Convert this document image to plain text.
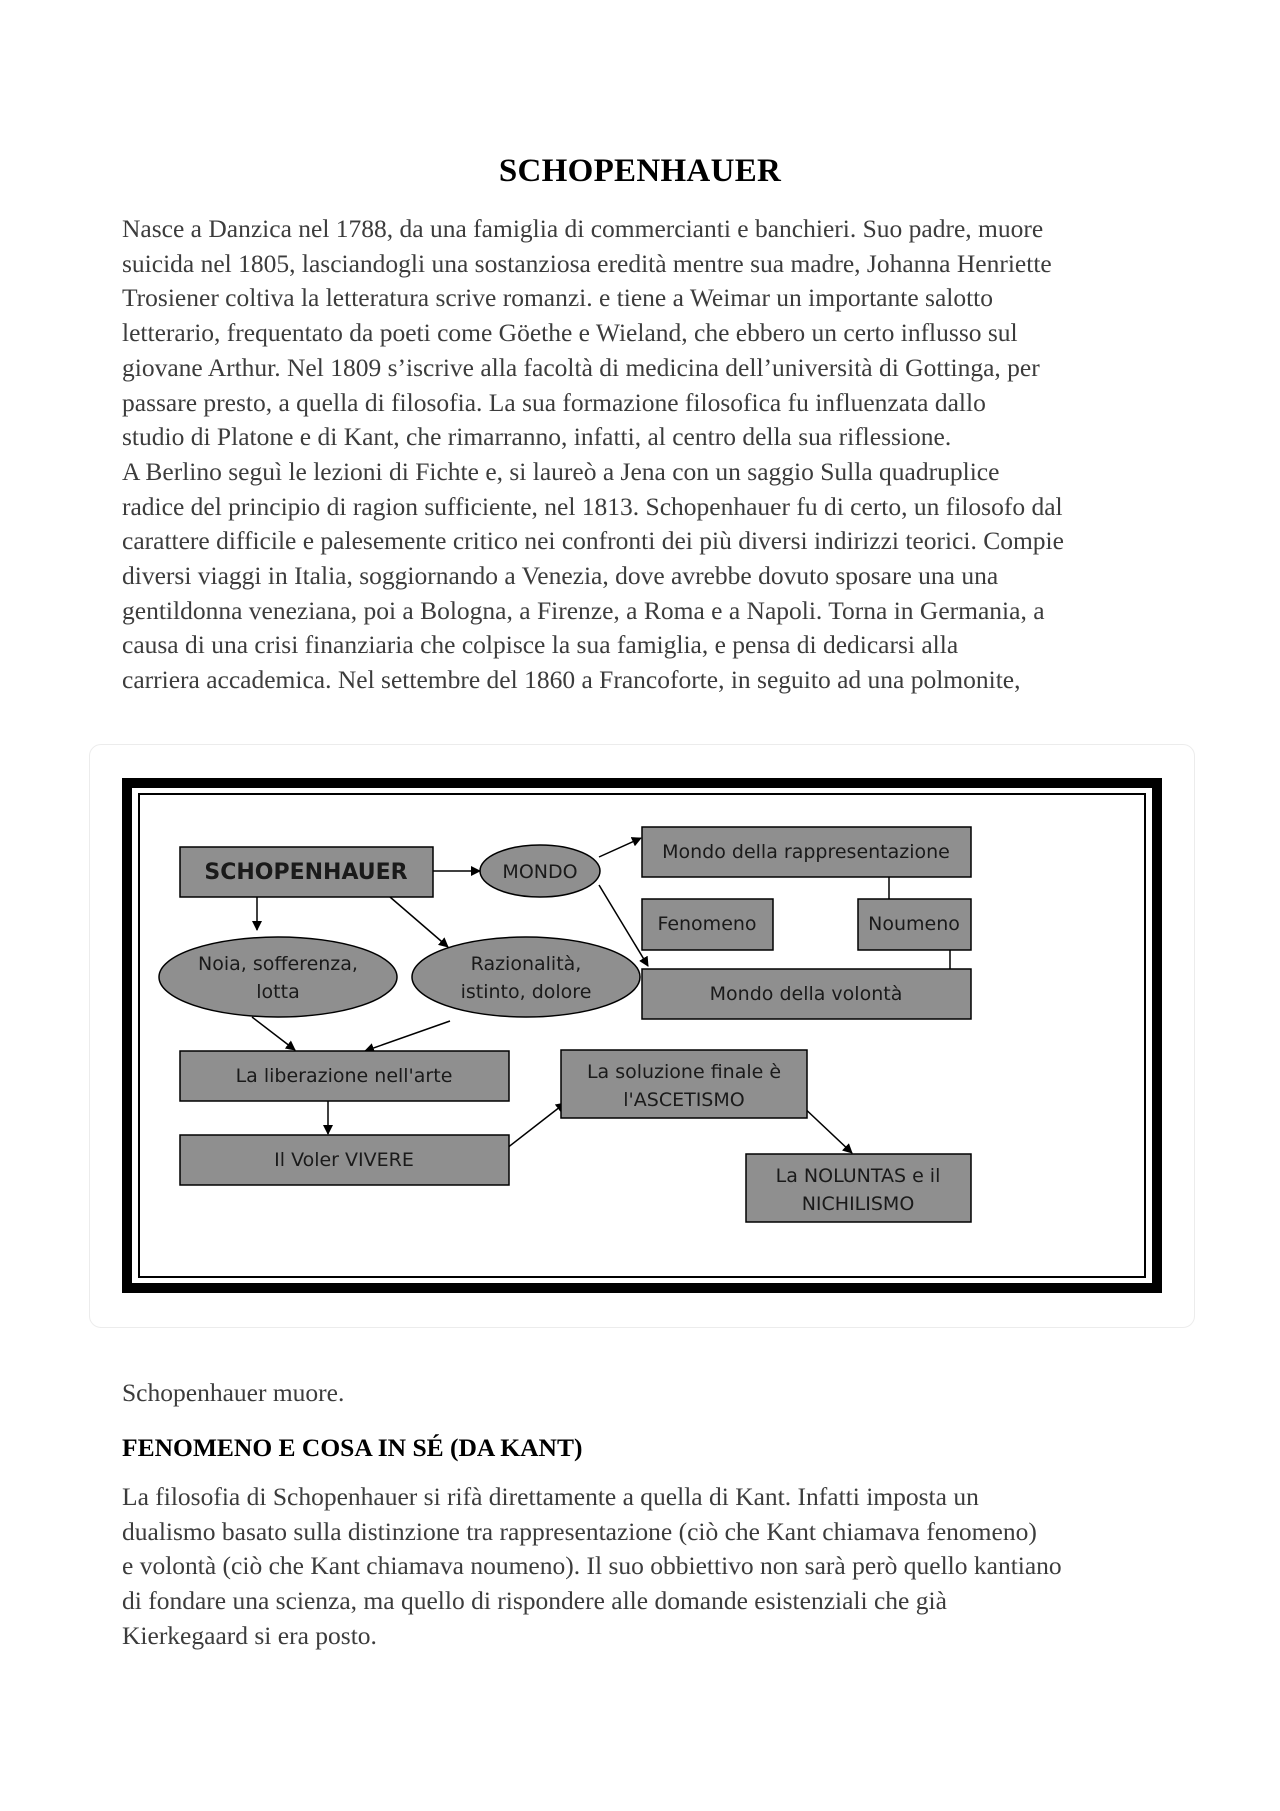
SCHOPENHAUER

Nasce a Danzica nel 1788, da una famiglia di commercianti e banchieri. Suo padre, muore
suicida nel 1805, lasciandogli una sostanziosa eredità mentre sua madre, Johanna Henriette
Trosiener coltiva la letteratura scrive romanzi. e tiene a Weimar un importante salotto
letterario, frequentato da poeti come Göethe e Wieland, che ebbero un certo influsso sul
giovane Arthur. Nel 1809 s’iscrive alla facoltà di medicina dell’università di Gottinga, per
passare presto, a quella di filosofia. La sua formazione filosofica fu influenzata dallo
studio di Platone e di Kant, che rimarranno, infatti, al centro della sua riflessione.
A Berlino seguì le lezioni di Fichte e, si laureò a Jena con un saggio Sulla quadruplice
radice del principio di ragion sufficiente, nel 1813. Schopenhauer fu di certo, un filosofo dal
carattere difficile e palesemente critico nei confronti dei più diversi indirizzi teorici. Compie
diversi viaggi in Italia, soggiornando a Venezia, dove avrebbe dovuto sposare una una
gentildonna veneziana, poi a Bologna, a Firenze, a Roma e a Napoli. Torna in Germania, a
causa di una crisi finanziaria che colpisce la sua famiglia, e pensa di dedicarsi alla
carriera accademica. Nel settembre del 1860 a Francoforte, in seguito ad una polmonite,

SCHOPENHAUER	MONDO
Mondo della rappresentazione
Fenomeno	Noumeno
Mondo della volontà
Noia, sofferenza,
lotta
Razionalità,
istinto, dolore
La liberazione nell'arte	La soluzione finale è
l'ASCETISMO
Il Voler VIVERE
La NOLUNTAS e il
NICHILISMO
Schopenhauer muore.
FENOMENO E COSA IN SÉ (DA KANT)

La filosofia di Schopenhauer si rifà direttamente a quella di Kant. Infatti imposta un
dualismo basato sulla distinzione tra rappresentazione (ciò che Kant chiamava fenomeno)
e volontà (ciò che Kant chiamava noumeno). Il suo obbiettivo non sarà però quello kantiano
di fondare una scienza, ma quello di rispondere alle domande esistenziali che già
Kierkegaard si era posto.
